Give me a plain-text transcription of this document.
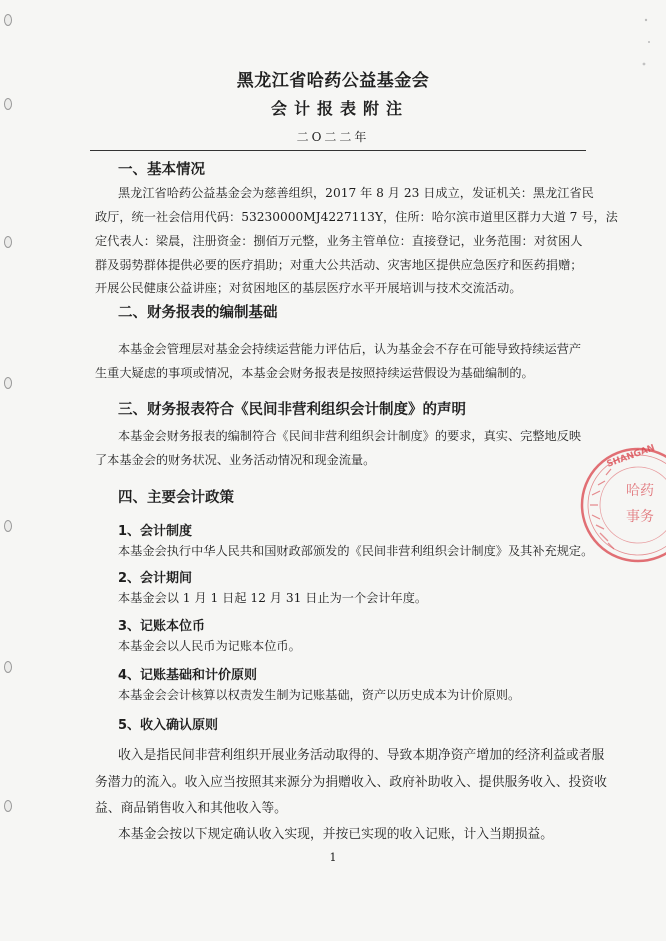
黑龙江省哈药公益基金会
会计报表附注
二O二二年
一、基本情况
黑龙江省哈药公益基金会为慈善组织，2017 年 8 月 23 日成立，发证机关：黑龙江省民
政厅，统一社会信用代码：53230000MJ4227113Y，住所：哈尔滨市道里区群力大道 7 号，法
定代表人：梁晨，注册资金：捌佰万元整，业务主管单位：直接登记，业务范围：对贫困人
群及弱势群体提供必要的医疗捐助；对重大公共活动、灾害地区提供应急医疗和医药捐赠；
开展公民健康公益讲座；对贫困地区的基层医疗水平开展培训与技术交流活动。
二、财务报表的编制基础
本基金会管理层对基金会持续运营能力评估后，认为基金会不存在可能导致持续运营产
生重大疑虑的事项或情况，本基金会财务报表是按照持续运营假设为基础编制的。
三、财务报表符合《民间非营利组织会计制度》的声明
本基金会财务报表的编制符合《民间非营利组织会计制度》的要求，真实、完整地反映
了本基金会的财务状况、业务活动情况和现金流量。
四、主要会计政策
1、会计制度
本基金会执行中华人民共和国财政部颁发的《民间非营利组织会计制度》及其补充规定。
2、会计期间
本基金会以 1 月 1 日起 12 月 31 日止为一个会计年度。
3、记账本位币
本基金会以人民币为记账本位币。
4、记账基础和计价原则
本基金会会计核算以权责发生制为记账基础，资产以历史成本为计价原则。
5、收入确认原则
收入是指民间非营利组织开展业务活动取得的、导致本期净资产增加的经济利益或者服
务潜力的流入。收入应当按照其来源分为捐赠收入、政府补助收入、提供服务收入、投资收
益、商品销售收入和其他收入等。
本基金会按以下规定确认收入实现，并按已实现的收入记账，计入当期损益。
1
SHANGAN
哈药
事务
